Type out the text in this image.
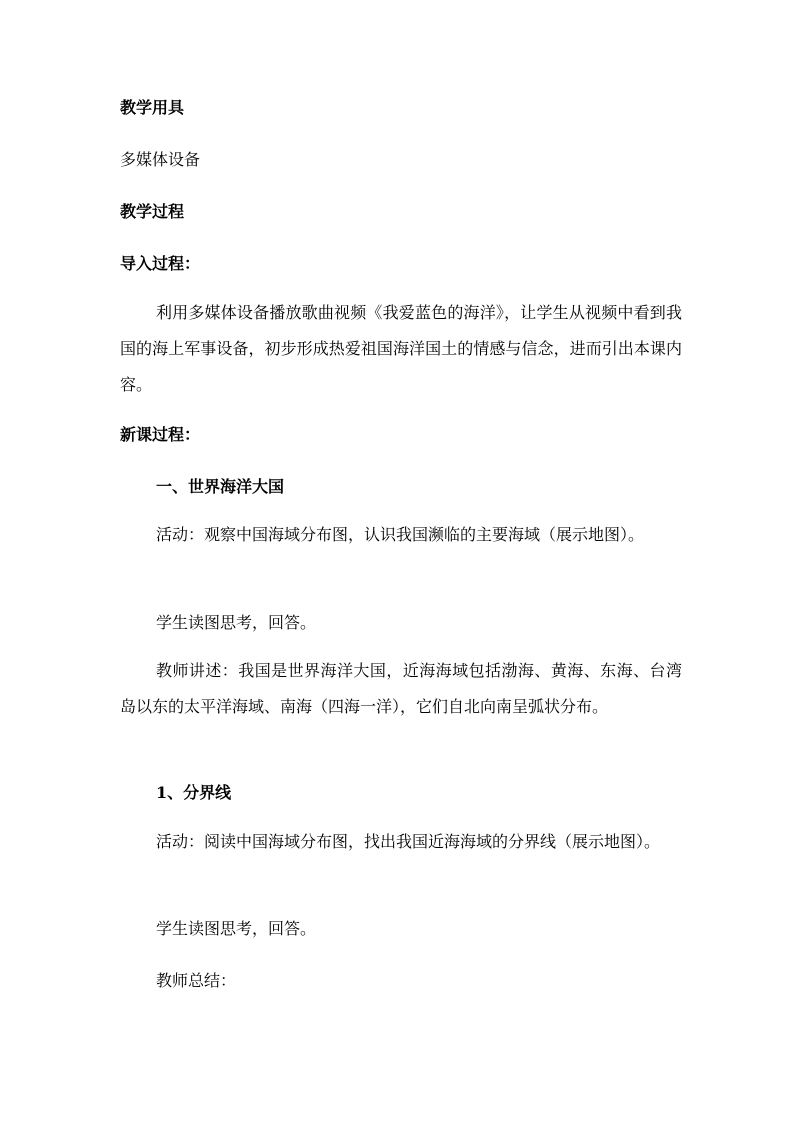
教学用具
多媒体设备
教学过程
导入过程：
利用多媒体设备播放歌曲视频《我爱蓝色的海洋》，让学生从视频中看到我国的海上军事设备，初步形成热爱祖国海洋国土的情感与信念，进而引出本课内容。
新课过程：
一、世界海洋大国
活动：观察中国海域分布图，认识我国濒临的主要海域（展示地图）。
学生读图思考，回答。
教师讲述：我国是世界海洋大国，近海海域包括渤海、黄海、东海、台湾岛以东的太平洋海域、南海（四海一洋），它们自北向南呈弧状分布。
1、分界线
活动：阅读中国海域分布图，找出我国近海海域的分界线（展示地图）。
学生读图思考，回答。
教师总结：
